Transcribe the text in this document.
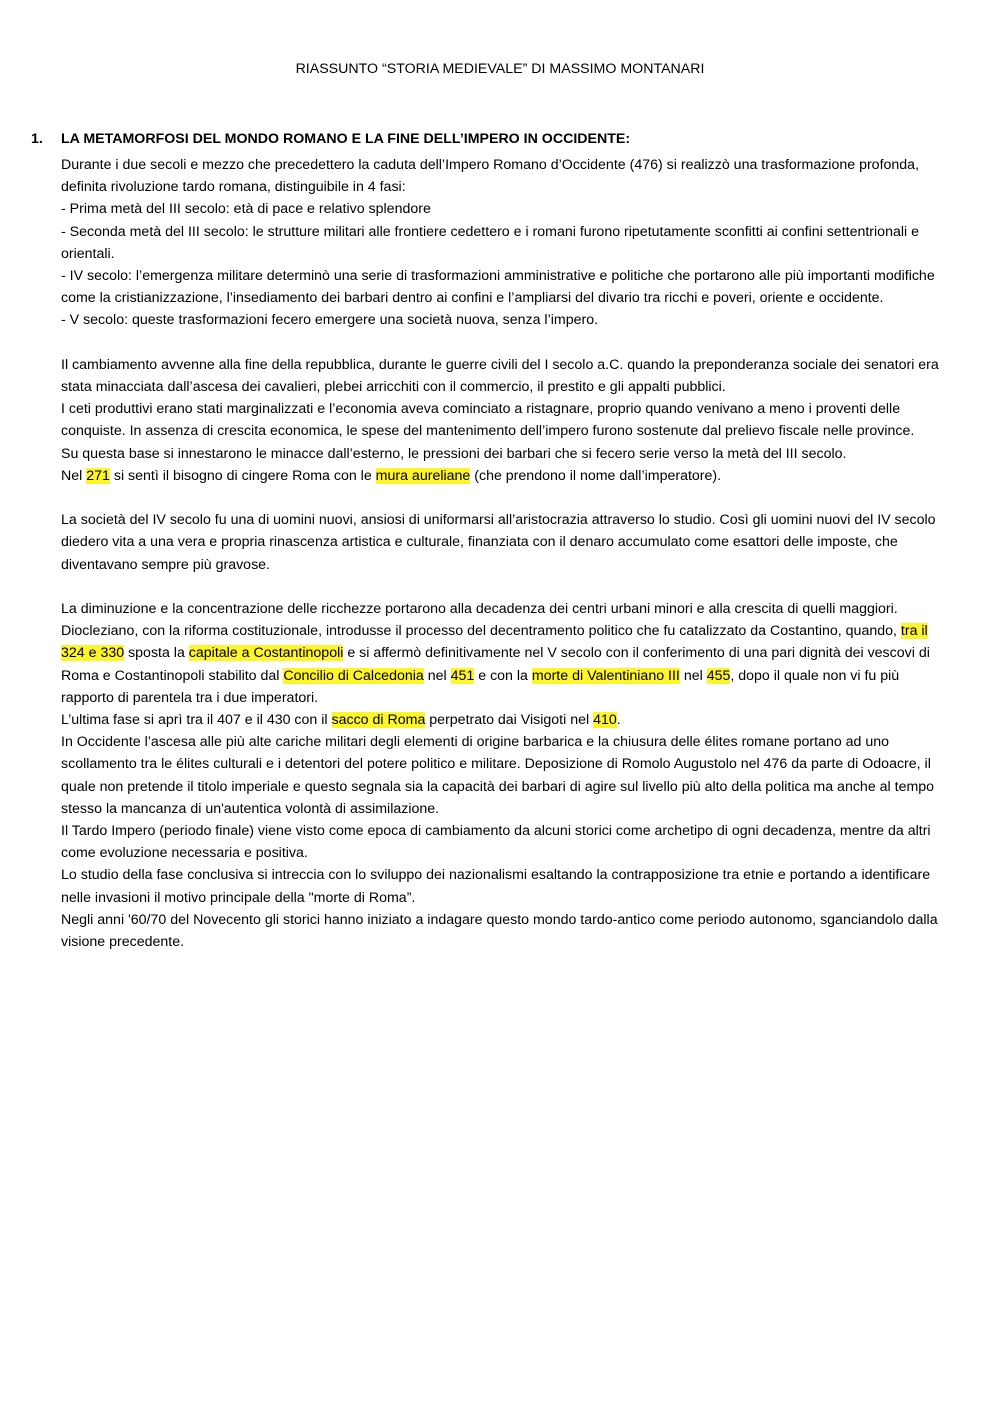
RIASSUNTO “STORIA MEDIEVALE” DI MASSIMO MONTANARI
1. LA METAMORFOSI DEL MONDO ROMANO E LA FINE DELL’IMPERO IN OCCIDENTE:

Durante i due secoli e mezzo che precedettero la caduta dell’Impero Romano d’Occidente (476) si realizzò una trasformazione profonda, definita rivoluzione tardo romana, distinguibile in 4 fasi:

- Prima metà del III secolo: età di pace e relativo splendore

- Seconda metà del III secolo: le strutture militari alle frontiere cedettero e i romani furono ripetutamente sconfitti ai confini settentrionali e orientali.

- IV secolo: l’emergenza militare determinò una serie di trasformazioni amministrative e politiche che portarono alle più importanti modifiche come la cristianizzazione, l’insediamento dei barbari dentro ai confini e l’ampliarsi del divario tra ricchi e poveri, oriente e occidente.

- V secolo: queste trasformazioni fecero emergere una società nuova, senza l’impero.

Il cambiamento avvenne alla fine della repubblica, durante le guerre civili del I secolo a.C. quando la preponderanza sociale dei senatori era stata minacciata dall’ascesa dei cavalieri, plebei arricchiti con il commercio, il prestito e gli appalti pubblici.

I ceti produttivi erano stati marginalizzati e l’economia aveva cominciato a ristagnare, proprio quando venivano a meno i proventi delle conquiste. In assenza di crescita economica, le spese del mantenimento dell’impero furono sostenute dal prelievo fiscale nelle province.

Su questa base si innestarono le minacce dall’esterno, le pressioni dei barbari che si fecero serie verso la metà del III secolo.

Nel 271 si sentì il bisogno di cingere Roma con le mura aureliane (che prendono il nome dall’imperatore).

La società del IV secolo fu una di uomini nuovi, ansiosi di uniformarsi all’aristocrazia attraverso lo studio. Così gli uomini nuovi del IV secolo diedero vita a una vera e propria rinascenza artistica e culturale, finanziata con il denaro accumulato come esattori delle imposte, che diventavano sempre più gravose.

La diminuzione e la concentrazione delle ricchezze portarono alla decadenza dei centri urbani minori e alla crescita di quelli maggiori.

Diocleziano, con la riforma costituzionale, introdusse il processo del decentramento politico che fu catalizzato da Costantino, quando, tra il 324 e 330 sposta la capitale a Costantinopoli e si affermò definitivamente nel V secolo con il conferimento di una pari dignità dei vescovi di Roma e Costantinopoli stabilito dal Concilio di Calcedonia nel 451 e con la morte di Valentiniano III nel 455, dopo il quale non vi fu più rapporto di parentela tra i due imperatori.

L’ultima fase si aprì tra il 407 e il 430 con il sacco di Roma perpetrato dai Visigoti nel 410.

In Occidente l’ascesa alle più alte cariche militari degli elementi di origine barbarica e la chiusura delle élites romane portano ad uno scollamento tra le élites culturali e i detentori del potere politico e militare. Deposizione di Romolo Augustolo nel 476 da parte di Odoacre, il quale non pretende il titolo imperiale e questo segnala sia la capacità dei barbari di agire sul livello più alto della politica ma anche al tempo stesso la mancanza di un'autentica volontà di assimilazione.

Il Tardo Impero (periodo finale) viene visto come epoca di cambiamento da alcuni storici come archetipo di ogni decadenza, mentre da altri come evoluzione necessaria e positiva.

Lo studio della fase conclusiva si intreccia con lo sviluppo dei nazionalismi esaltando la contrapposizione tra etnie e portando a identificare nelle invasioni il motivo principale della "morte di Roma”.

Negli anni '60/70 del Novecento gli storici hanno iniziato a indagare questo mondo tardo-antico come periodo autonomo, sganciandolo dalla visione precedente.
